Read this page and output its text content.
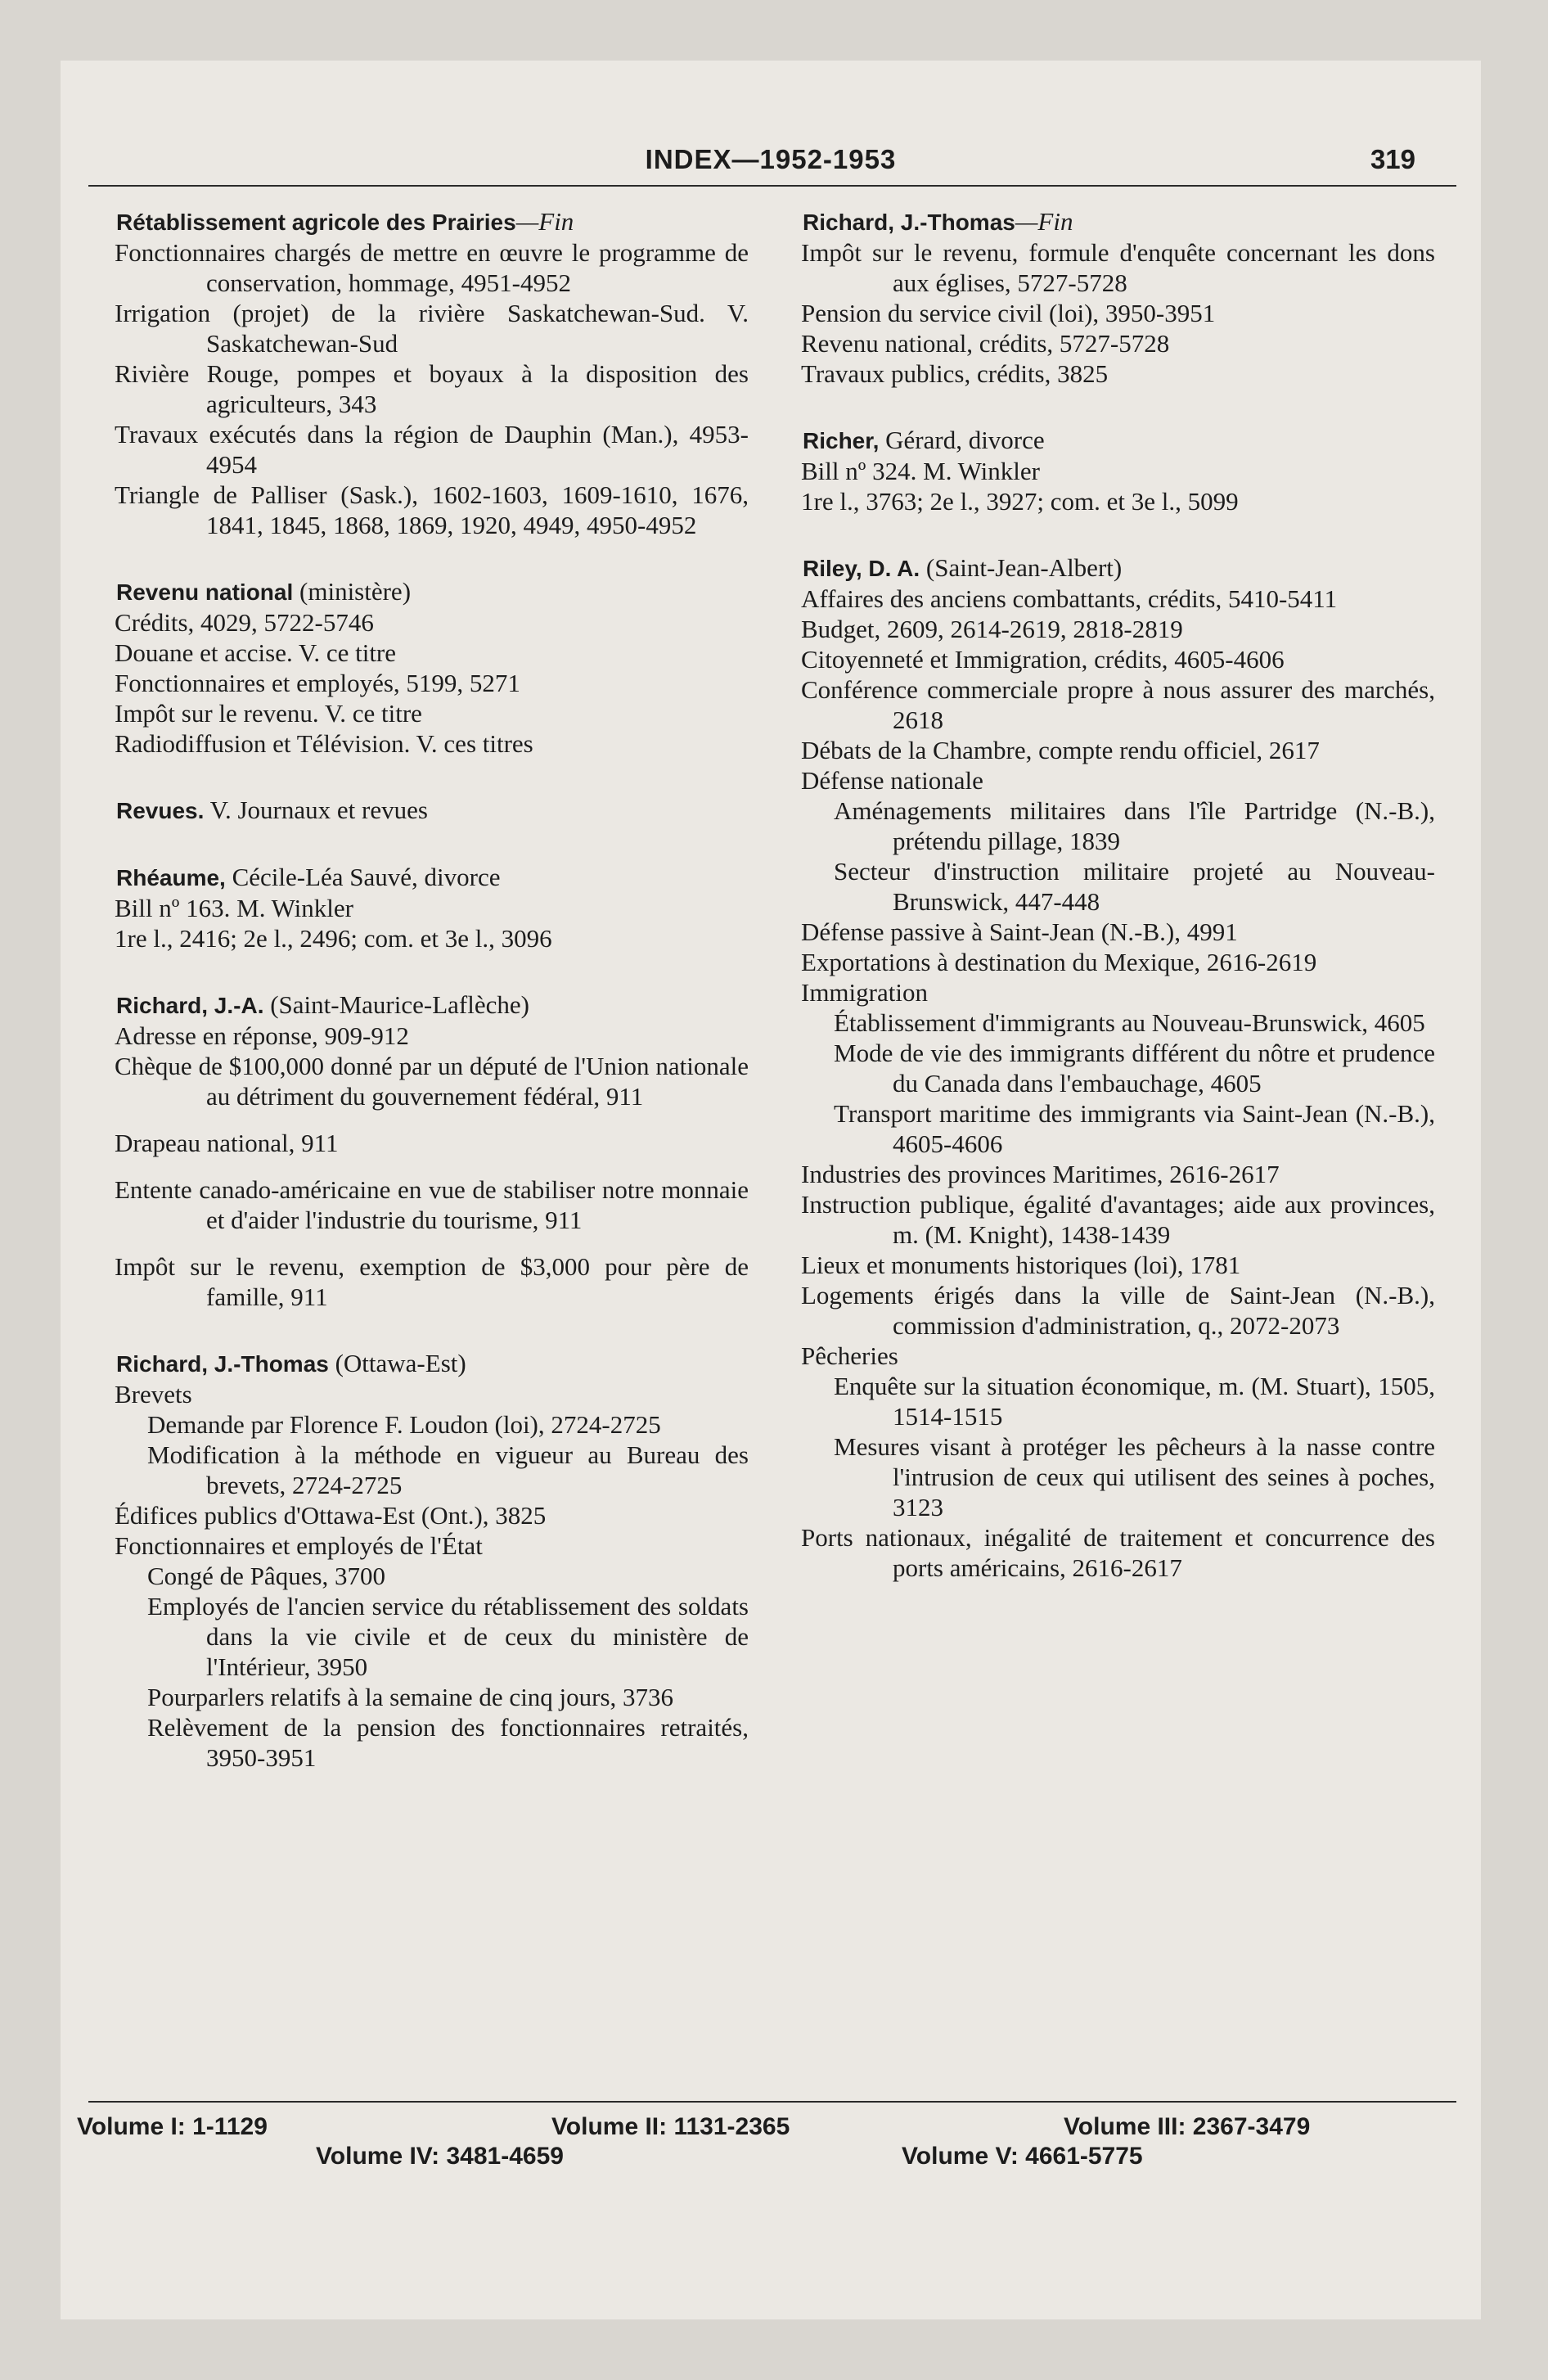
INDEX—1952-1953	319
Rétablissement agricole des Prairies—Fin
Fonctionnaires chargés de mettre en œuvre le programme de conservation, hommage, 4951-4952
Irrigation (projet) de la rivière Saskatchewan-Sud. V. Saskatchewan-Sud
Rivière Rouge, pompes et boyaux à la disposition des agriculteurs, 343
Travaux exécutés dans la région de Dauphin (Man.), 4953-4954
Triangle de Palliser (Sask.), 1602-1603, 1609-1610, 1676, 1841, 1845, 1868, 1869, 1920, 4949, 4950-4952
Revenu national (ministère)
Crédits, 4029, 5722-5746
Douane et accise. V. ce titre
Fonctionnaires et employés, 5199, 5271
Impôt sur le revenu. V. ce titre
Radiodiffusion et Télévision. V. ces titres
Revues. V. Journaux et revues
Rhéaume, Cécile-Léa Sauvé, divorce
Bill nº 163. M. Winkler
1re l., 2416; 2e l., 2496; com. et 3e l., 3096
Richard, J.-A. (Saint-Maurice-Laflèche)
Adresse en réponse, 909-912
Chèque de $100,000 donné par un député de l'Union nationale au détriment du gouvernement fédéral, 911
Drapeau national, 911
Entente canado-américaine en vue de stabiliser notre monnaie et d'aider l'industrie du tourisme, 911
Impôt sur le revenu, exemption de $3,000 pour père de famille, 911
Richard, J.-Thomas (Ottawa-Est)
Brevets
Demande par Florence F. Loudon (loi), 2724-2725
Modification à la méthode en vigueur au Bureau des brevets, 2724-2725
Édifices publics d'Ottawa-Est (Ont.), 3825
Fonctionnaires et employés de l'État
Congé de Pâques, 3700
Employés de l'ancien service du rétablissement des soldats dans la vie civile et de ceux du ministère de l'Intérieur, 3950
Pourparlers relatifs à la semaine de cinq jours, 3736
Relèvement de la pension des fonctionnaires retraités, 3950-3951
Richard, J.-Thomas—Fin
Impôt sur le revenu, formule d'enquête concernant les dons aux églises, 5727-5728
Pension du service civil (loi), 3950-3951
Revenu national, crédits, 5727-5728
Travaux publics, crédits, 3825
Richer, Gérard, divorce
Bill nº 324. M. Winkler
1re l., 3763; 2e l., 3927; com. et 3e l., 5099
Riley, D. A. (Saint-Jean-Albert)
Affaires des anciens combattants, crédits, 5410-5411
Budget, 2609, 2614-2619, 2818-2819
Citoyenneté et Immigration, crédits, 4605-4606
Conférence commerciale propre à nous assurer des marchés, 2618
Débats de la Chambre, compte rendu officiel, 2617
Défense nationale
Aménagements militaires dans l'île Partridge (N.-B.), prétendu pillage, 1839
Secteur d'instruction militaire projeté au Nouveau-Brunswick, 447-448
Défense passive à Saint-Jean (N.-B.), 4991
Exportations à destination du Mexique, 2616-2619
Immigration
Établissement d'immigrants au Nouveau-Brunswick, 4605
Mode de vie des immigrants différent du nôtre et prudence du Canada dans l'embauchage, 4605
Transport maritime des immigrants via Saint-Jean (N.-B.), 4605-4606
Industries des provinces Maritimes, 2616-2617
Instruction publique, égalité d'avantages; aide aux provinces, m. (M. Knight), 1438-1439
Lieux et monuments historiques (loi), 1781
Logements érigés dans la ville de Saint-Jean (N.-B.), commission d'administration, q., 2072-2073
Pêcheries
Enquête sur la situation économique, m. (M. Stuart), 1505, 1514-1515
Mesures visant à protéger les pêcheurs à la nasse contre l'intrusion de ceux qui utilisent des seines à poches, 3123
Ports nationaux, inégalité de traitement et concurrence des ports américains, 2616-2617
Volume I: 1-1129	Volume II: 1131-2365	Volume III: 2367-3479
Volume IV: 3481-4659	Volume V: 4661-5775
